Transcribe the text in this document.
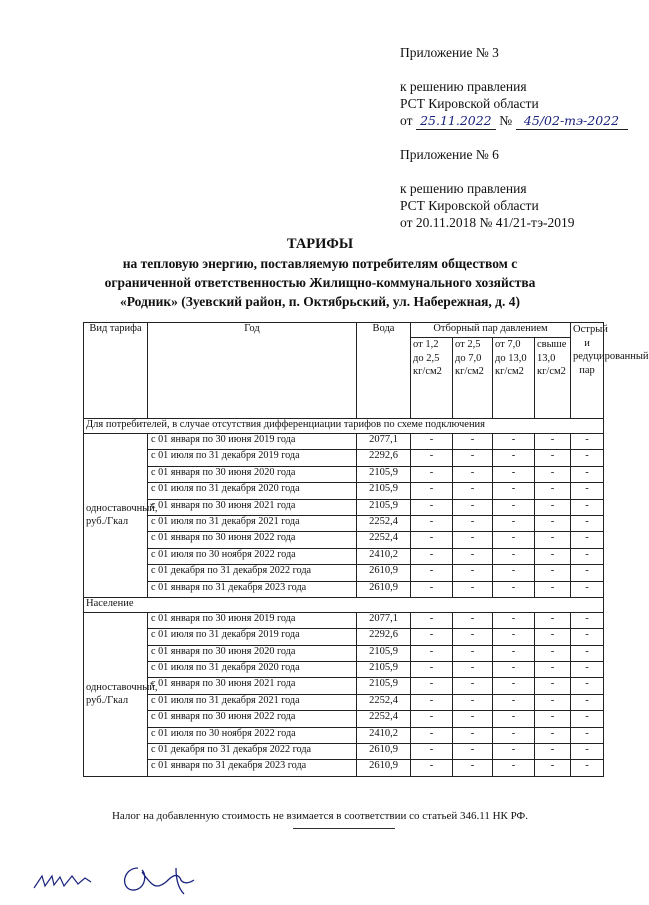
Приложение № 3
к решению правления
РСТ Кировской области
от 25.11.2022 № 45/02-тэ-2022
Приложение № 6
к решению правления
РСТ Кировской области
от 20.11.2018 № 41/21-тэ-2019
ТАРИФЫ
на тепловую энергию, поставляемую потребителям обществом с
ограниченной ответственностью Жилищно-коммунального хозяйства
«Родник» (Зуевский район, п. Октябрьский, ул. Набережная, д. 4)
Вид тарифа	Год	Вода	Отборный пар давлением				Острый и редуцированный пар
			от 1,2 до 2,5 кг/см2	от 2,5 до 7,0 кг/см2	от 7,0 до 13,0 кг/см2	свыше 13,0 кг/см2	
Для потребителей, в случае отсутствия дифференциации тарифов по схеме подключения							
одноставочный, руб./Гкал	с 01 января по 30 июня 2019 года	2077,1	-	-	-	-	-
	с 01 июля по 31 декабря 2019 года	2292,6	-	-	-	-	-
	с 01 января по 30 июня 2020 года	2105,9	-	-	-	-	-
	с 01 июля по 31 декабря 2020 года	2105,9	-	-	-	-	-
	с 01 января по 30 июня 2021 года	2105,9	-	-	-	-	-
	с 01 июля по 31 декабря 2021 года	2252,4	-	-	-	-	-
	с 01 января по 30 июня 2022 года	2252,4	-	-	-	-	-
	с 01 июля по 30 ноября 2022 года	2410,2	-	-	-	-	-
	с 01 декабря по 31 декабря 2022 года	2610,9	-	-	-	-	-
	с 01 января по 31 декабря 2023 года	2610,9	-	-	-	-	-
Население							
одноставочный, руб./Гкал	с 01 января по 30 июня 2019 года	2077,1	-	-	-	-	-
	с 01 июля по 31 декабря 2019 года	2292,6	-	-	-	-	-
	с 01 января по 30 июня 2020 года	2105,9	-	-	-	-	-
	с 01 июля по 31 декабря 2020 года	2105,9	-	-	-	-	-
	с 01 января по 30 июня 2021 года	2105,9	-	-	-	-	-
	с 01 июля по 31 декабря 2021 года	2252,4	-	-	-	-	-
	с 01 января по 30 июня 2022 года	2252,4	-	-	-	-	-
	с 01 июля по 30 ноября 2022 года	2410,2	-	-	-	-	-
	с 01 декабря по 31 декабря 2022 года	2610,9	-	-	-	-	-
	с 01 января по 31 декабря 2023 года	2610,9	-	-	-	-	-
Налог на добавленную стоимость не взимается в соответствии со статьей 346.11 НК РФ.
